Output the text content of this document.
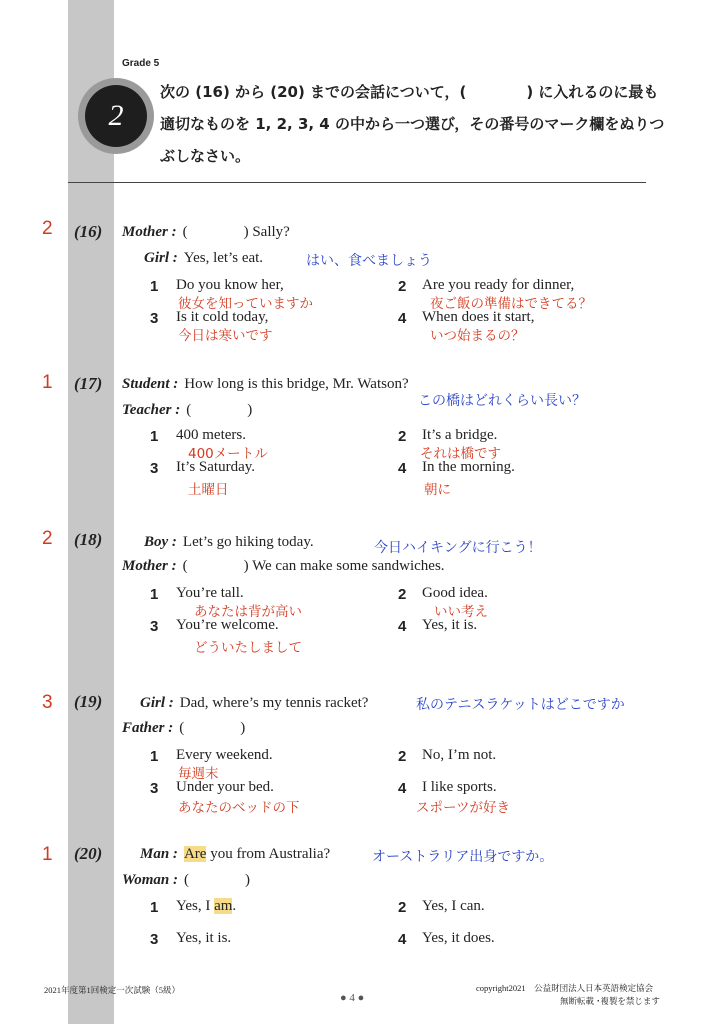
Grade 5
2
次の (16) から (20) までの会話について，(　　　　) に入れるのに最も
適切なものを 1, 2, 3, 4 の中から一つ選び，その番号のマーク欄をぬりつ
ぶしなさい。
2 (16) Mother : (	) Sally?
Girl : Yes, let’s eat.	はい、食べましょう
1 Do you know her,
彼女を知っていますか
2 Are you ready for dinner,
夜ご飯の準備はできてる？
3 Is it cold today,
今日は寒いです
4 When does it start,
いつ始まるの？
1 (17) Student : How long is this bridge, Mr. Watson?
この橋はどれくらい長い？
Teacher : (	)
1 400 meters.
400メートル
2 It’s a bridge.
それは橋です
3 It’s Saturday.
土曜日
4 In the morning.
朝に
2 (18)	Boy : Let’s go hiking today.	今日ハイキングに行こう！
Mother : (	) We can make some sandwiches.
1 You’re tall.
あなたは背が高い
2 Good idea.
いい考え
3 You’re welcome.
どういたしまして
4 Yes, it is.
3 (19)	Girl : Dad, where’s my tennis racket?	私のテニスラケットはどこですか
Father : (	)
1 Every weekend.
毎週末
2 No, I’m not.
3 Under your bed.
あなたのベッドの下
4 I like sports.
スポーツが好き
1 (20)	Man : Are you from Australia?	オーストラリア出身ですか。
Woman : (	)
1 Yes, I am.	2 Yes, I can.
3 Yes, it is.	4 Yes, it does.
2021年度第1回検定一次試験（5級）
● 4 ●
copyright2021　公益財団法人日本英語検定協会
無断転載 ･複製を禁じます
